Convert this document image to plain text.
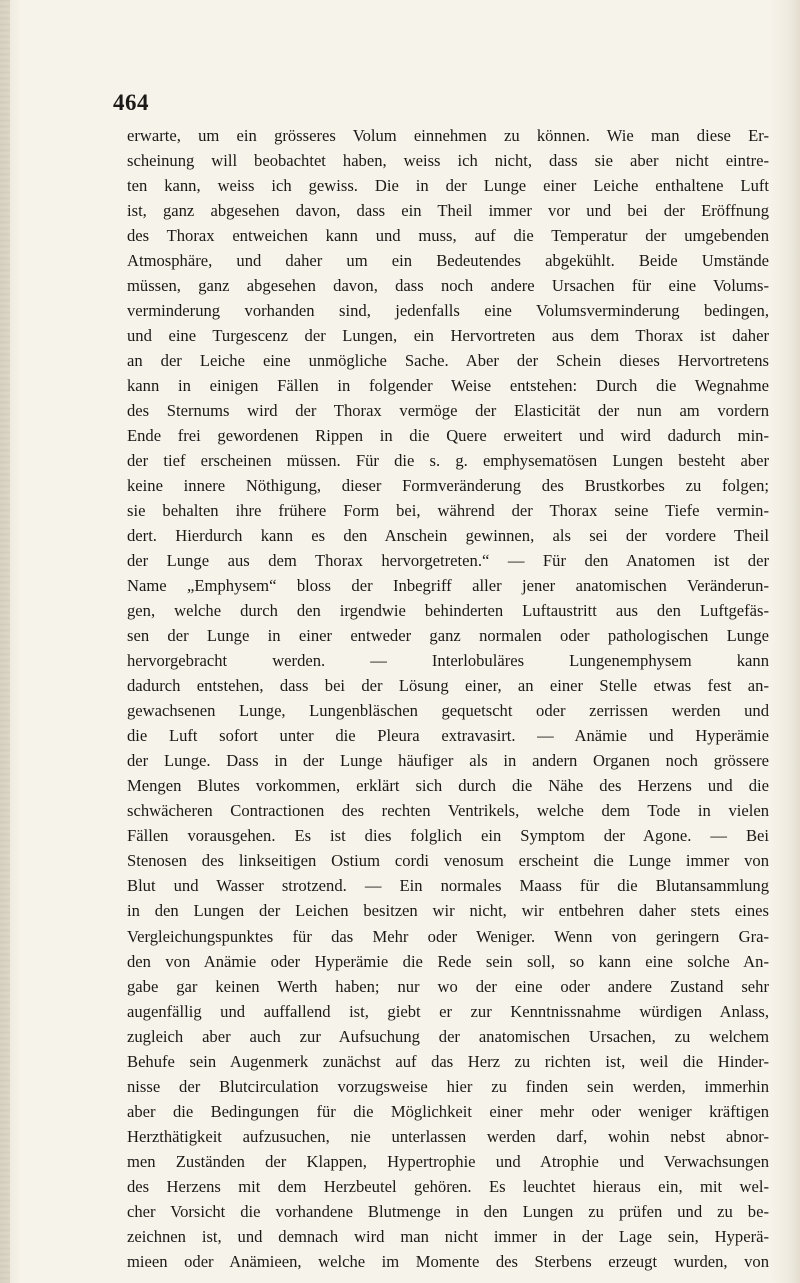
464
erwarte, um ein grösseres Volum einnehmen zu können. Wie man diese Er-
scheinung will beobachtet haben, weiss ich nicht, dass sie aber nicht eintre-
ten kann, weiss ich gewiss. Die in der Lunge einer Leiche enthaltene Luft
ist, ganz abgesehen davon, dass ein Theil immer vor und bei der Eröffnung
des Thorax entweichen kann und muss, auf die Temperatur der umgebenden
Atmosphäre, und daher um ein Bedeutendes abgekühlt. Beide Umstände
müssen, ganz abgesehen davon, dass noch andere Ursachen für eine Volums-
verminderung vorhanden sind, jedenfalls eine Volumsverminderung bedingen,
und eine Turgescenz der Lungen, ein Hervortreten aus dem Thorax ist daher
an der Leiche eine unmögliche Sache. Aber der Schein dieses Hervortretens
kann in einigen Fällen in folgender Weise entstehen: Durch die Wegnahme
des Sternums wird der Thorax vermöge der Elasticität der nun am vordern
Ende frei gewordenen Rippen in die Quere erweitert und wird dadurch min-
der tief erscheinen müssen. Für die s. g. emphysematösen Lungen besteht aber
keine innere Nöthigung, dieser Formveränderung des Brustkorbes zu folgen;
sie behalten ihre frühere Form bei, während der Thorax seine Tiefe vermin-
dert. Hierdurch kann es den Anschein gewinnen, als sei der vordere Theil
der Lunge aus dem Thorax hervorgetreten.“ — Für den Anatomen ist der
Name „Emphysem“ bloss der Inbegriff aller jener anatomischen Veränderun-
gen, welche durch den irgendwie behinderten Luftaustritt aus den Luftgefäs-
sen der Lunge in einer entweder ganz normalen oder pathologischen Lunge
hervorgebracht werden. — Interlobuläres Lungenemphysem kann
dadurch entstehen, dass bei der Lösung einer, an einer Stelle etwas fest an-
gewachsenen Lunge, Lungenbläschen gequetscht oder zerrissen werden und
die Luft sofort unter die Pleura extravasirt. — Anämie und Hyperämie
der Lunge. Dass in der Lunge häufiger als in andern Organen noch grössere
Mengen Blutes vorkommen, erklärt sich durch die Nähe des Herzens und die
schwächeren Contractionen des rechten Ventrikels, welche dem Tode in vielen
Fällen vorausgehen. Es ist dies folglich ein Symptom der Agone. — Bei
Stenosen des linkseitigen Ostium cordi venosum erscheint die Lunge immer von
Blut und Wasser strotzend. — Ein normales Maass für die Blutansammlung
in den Lungen der Leichen besitzen wir nicht, wir entbehren daher stets eines
Vergleichungspunktes für das Mehr oder Weniger. Wenn von geringern Gra-
den von Anämie oder Hyperämie die Rede sein soll, so kann eine solche An-
gabe gar keinen Werth haben; nur wo der eine oder andere Zustand sehr
augenfällig und auffallend ist, giebt er zur Kenntnissnahme würdigen Anlass,
zugleich aber auch zur Aufsuchung der anatomischen Ursachen, zu welchem
Behufe sein Augenmerk zunächst auf das Herz zu richten ist, weil die Hinder-
nisse der Blutcirculation vorzugsweise hier zu finden sein werden, immerhin
aber die Bedingungen für die Möglichkeit einer mehr oder weniger kräftigen
Herzthätigkeit aufzusuchen, nie unterlassen werden darf, wohin nebst abnor-
men Zuständen der Klappen, Hypertrophie und Atrophie und Verwachsungen
des Herzens mit dem Herzbeutel gehören. Es leuchtet hieraus ein, mit wel-
cher Vorsicht die vorhandene Blutmenge in den Lungen zu prüfen und zu be-
zeichnen ist, und demnach wird man nicht immer in der Lage sein, Hyperä-
mieen oder Anämieen, welche im Momente des Sterbens erzeugt wurden, von
